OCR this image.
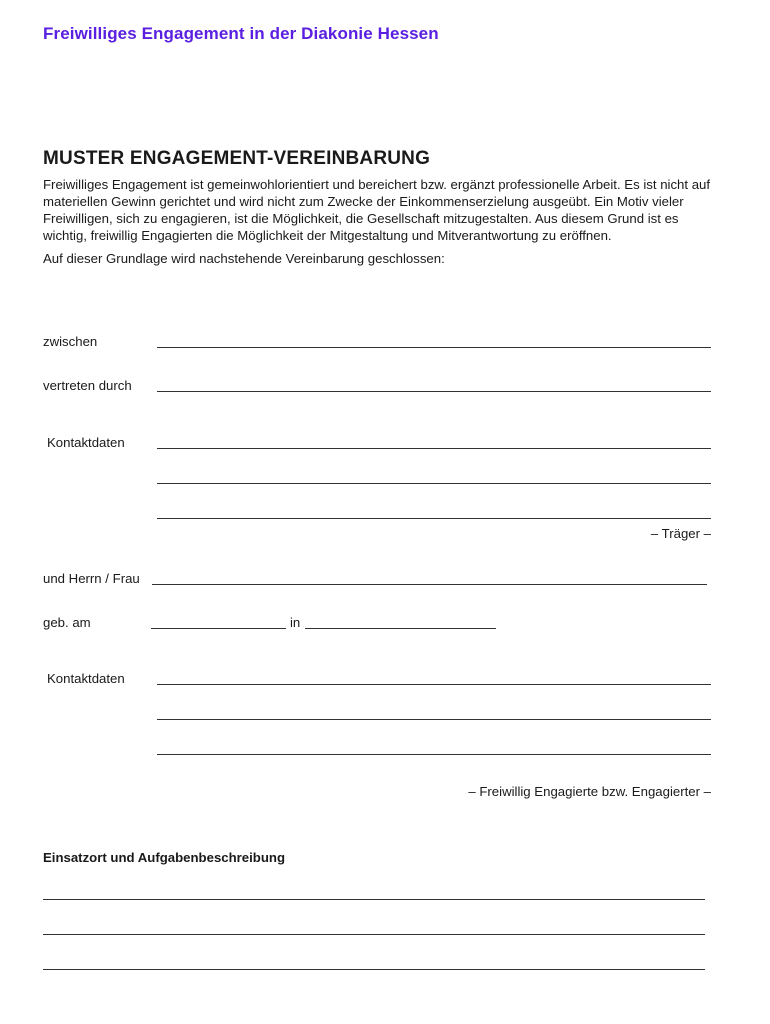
Freiwilliges Engagement in der Diakonie Hessen
MUSTER ENGAGEMENT-VEREINBARUNG

Freiwilliges Engagement ist gemeinwohlorientiert und bereichert bzw. ergänzt professionelle Arbeit. Es ist nicht auf materiellen Gewinn gerichtet und wird nicht zum Zwecke der Einkommenserzielung ausgeübt. Ein Motiv vieler Freiwilligen, sich zu engagieren, ist die Möglichkeit, die Gesellschaft mitzugestalten. Aus diesem Grund ist es wichtig, freiwillig Engagierten die Möglichkeit der Mitgestaltung und Mitverantwortung zu eröffnen.

Auf dieser Grundlage wird nachstehende Vereinbarung geschlossen:

zwischen
vertreten durch
Kontaktdaten
– Träger –
und Herrn / Frau
geb. am	in
Kontaktdaten
– Freiwillig Engagierte bzw. Engagierter –
Einsatzort und Aufgabenbeschreibung
